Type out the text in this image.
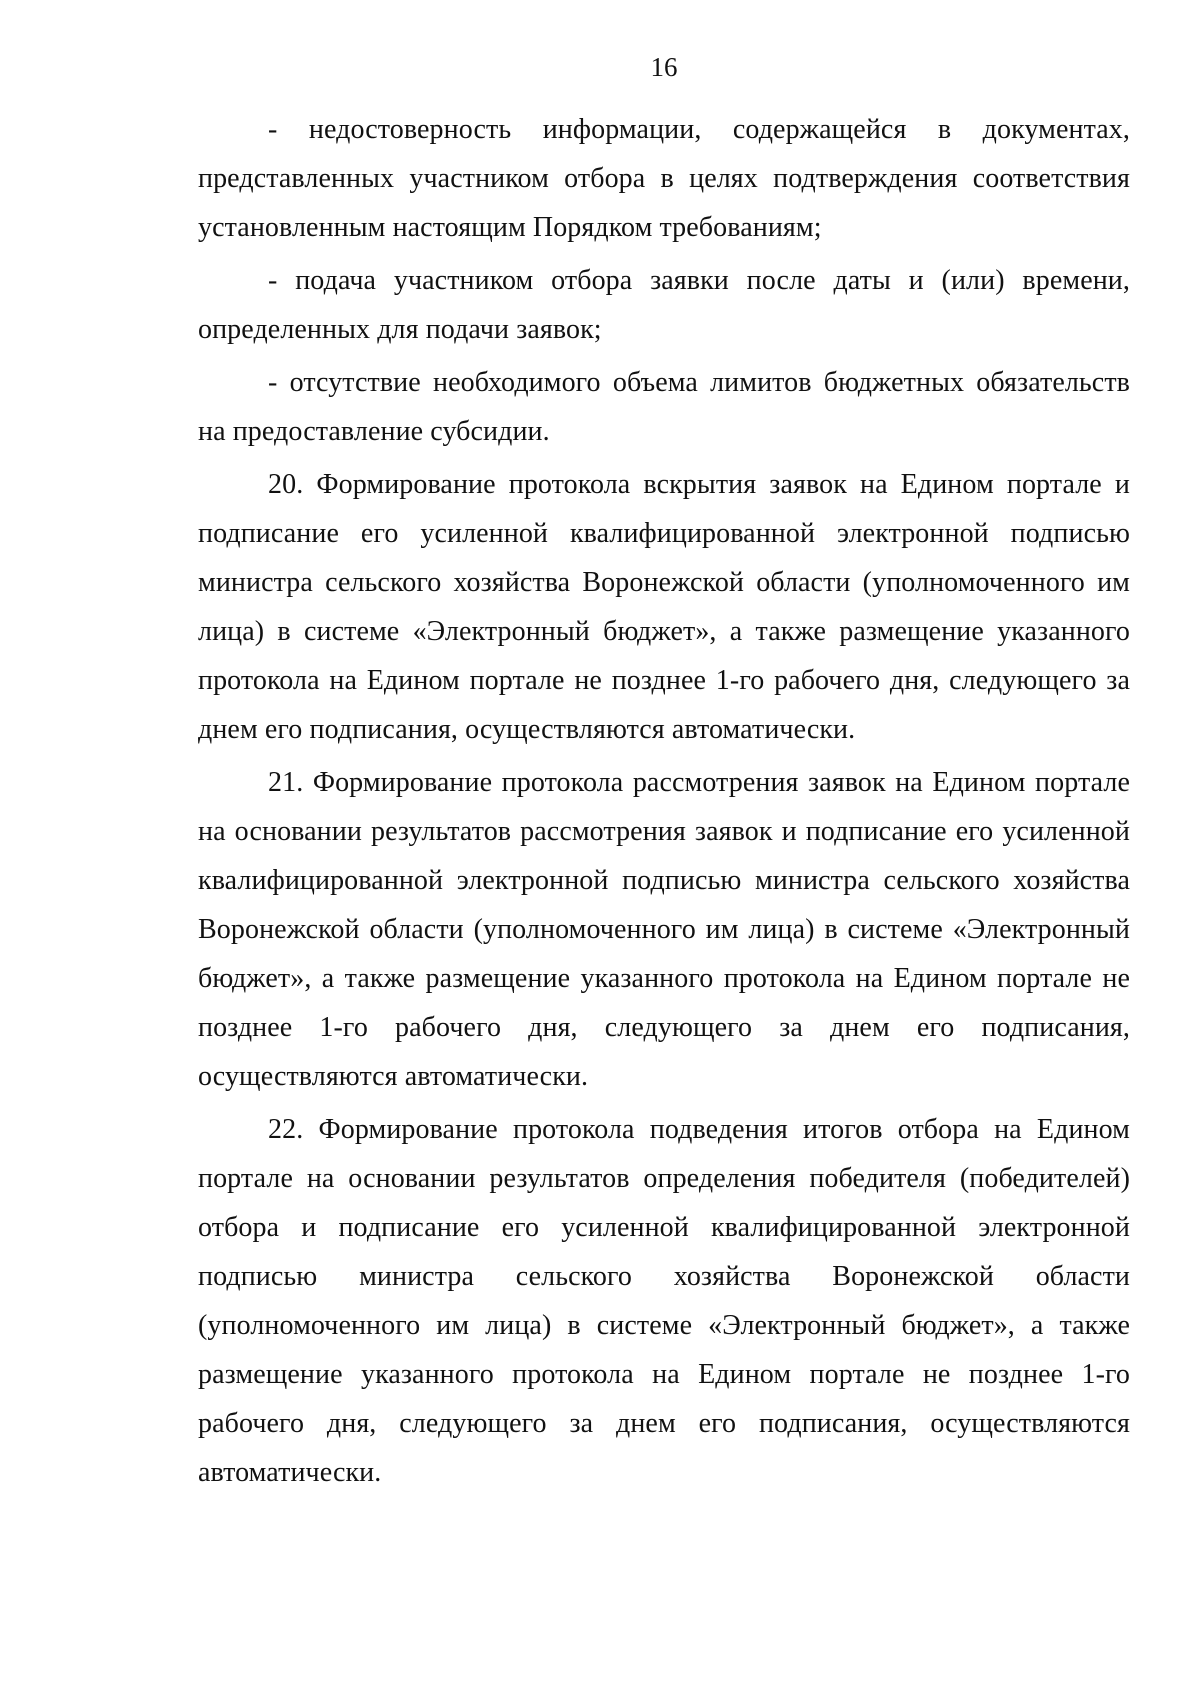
16

- недостоверность информации, содержащейся в документах, представленных участником отбора в целях подтверждения соответствия установленным настоящим Порядком требованиям;

- подача участником отбора заявки после даты и (или) времени, определенных для подачи заявок;

- отсутствие необходимого объема лимитов бюджетных обязательств на предоставление субсидии.

20. Формирование протокола вскрытия заявок на Едином портале и подписание его усиленной квалифицированной электронной подписью министра сельского хозяйства Воронежской области (уполномоченного им лица) в системе «Электронный бюджет», а также размещение указанного протокола на Едином портале не позднее 1-го рабочего дня, следующего за днем его подписания, осуществляются автоматически.

21. Формирование протокола рассмотрения заявок на Едином портале на основании результатов рассмотрения заявок и подписание его усиленной квалифицированной электронной подписью министра сельского хозяйства Воронежской области (уполномоченного им лица) в системе «Электронный бюджет», а также размещение указанного протокола на Едином портале не позднее 1-го рабочего дня, следующего за днем его подписания, осуществляются автоматически.

22. Формирование протокола подведения итогов отбора на Едином портале на основании результатов определения победителя (победителей) отбора и подписание его усиленной квалифицированной электронной подписью министра сельского хозяйства Воронежской области (уполномоченного им лица) в системе «Электронный бюджет», а также размещение указанного протокола на Едином портале не позднее 1-го рабочего дня, следующего за днем его подписания, осуществляются автоматически.
